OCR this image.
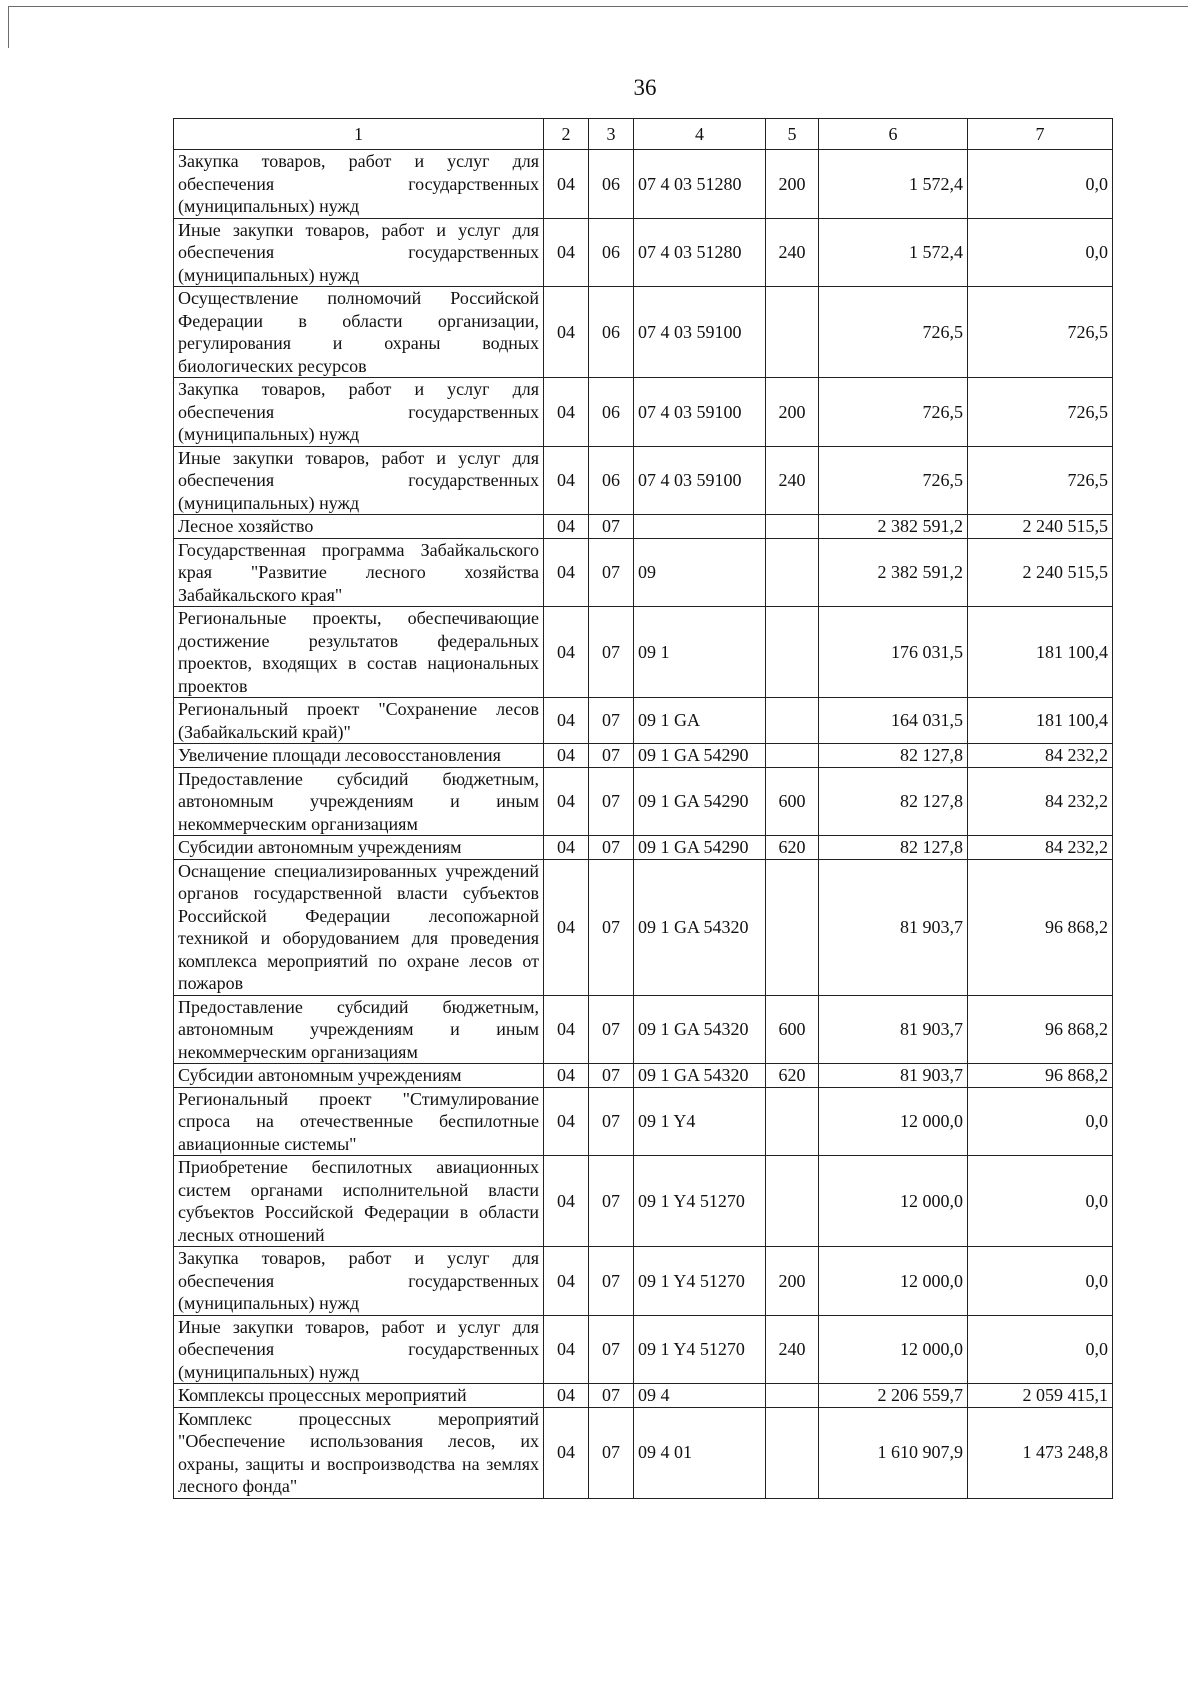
36
1	2	3	4	5	6	7
Закупка товаров, работ и услуг для обеспечения государственных (муниципальных) нужд	04	06	07 4 03 51280	200	1 572,4	0,0
Иные закупки товаров, работ и услуг для обеспечения государственных (муниципальных) нужд	04	06	07 4 03 51280	240	1 572,4	0,0
Осуществление полномочий Российской Федерации в области организации, регулирования и охраны водных биологических ресурсов	04	06	07 4 03 59100		726,5	726,5
Закупка товаров, работ и услуг для обеспечения государственных (муниципальных) нужд	04	06	07 4 03 59100	200	726,5	726,5
Иные закупки товаров, работ и услуг для обеспечения государственных (муниципальных) нужд	04	06	07 4 03 59100	240	726,5	726,5
Лесное хозяйство	04	07			2 382 591,2	2 240 515,5
Государственная программа Забайкальского края "Развитие лесного хозяйства Забайкальского края"	04	07	09		2 382 591,2	2 240 515,5
Региональные проекты, обеспечивающие достижение результатов федеральных проектов, входящих в состав национальных проектов	04	07	09 1		176 031,5	181 100,4
Региональный проект "Сохранение лесов (Забайкальский край)"	04	07	09 1 GA		164 031,5	181 100,4
Увеличение площади лесовосстановления	04	07	09 1 GA 54290		82 127,8	84 232,2
Предоставление субсидий бюджетным, автономным учреждениям и иным некоммерческим организациям	04	07	09 1 GA 54290	600	82 127,8	84 232,2
Субсидии автономным учреждениям	04	07	09 1 GA 54290	620	82 127,8	84 232,2
Оснащение специализированных учреждений органов государственной власти субъектов Российской Федерации лесопожарной техникой и оборудованием для проведения комплекса мероприятий по охране лесов от пожаров	04	07	09 1 GA 54320		81 903,7	96 868,2
Предоставление субсидий бюджетным, автономным учреждениям и иным некоммерческим организациям	04	07	09 1 GA 54320	600	81 903,7	96 868,2
Субсидии автономным учреждениям	04	07	09 1 GA 54320	620	81 903,7	96 868,2
Региональный проект "Стимулирование спроса на отечественные беспилотные авиационные системы"	04	07	09 1 Y4		12 000,0	0,0
Приобретение беспилотных авиационных систем органами исполнительной власти субъектов Российской Федерации в области лесных отношений	04	07	09 1 Y4 51270		12 000,0	0,0
Закупка товаров, работ и услуг для обеспечения государственных (муниципальных) нужд	04	07	09 1 Y4 51270	200	12 000,0	0,0
Иные закупки товаров, работ и услуг для обеспечения государственных (муниципальных) нужд	04	07	09 1 Y4 51270	240	12 000,0	0,0
Комплексы процессных мероприятий	04	07	09 4		2 206 559,7	2 059 415,1
Комплекс процессных мероприятий "Обеспечение использования лесов, их охраны, защиты и воспроизводства на землях лесного фонда"	04	07	09 4 01		1 610 907,9	1 473 248,8
